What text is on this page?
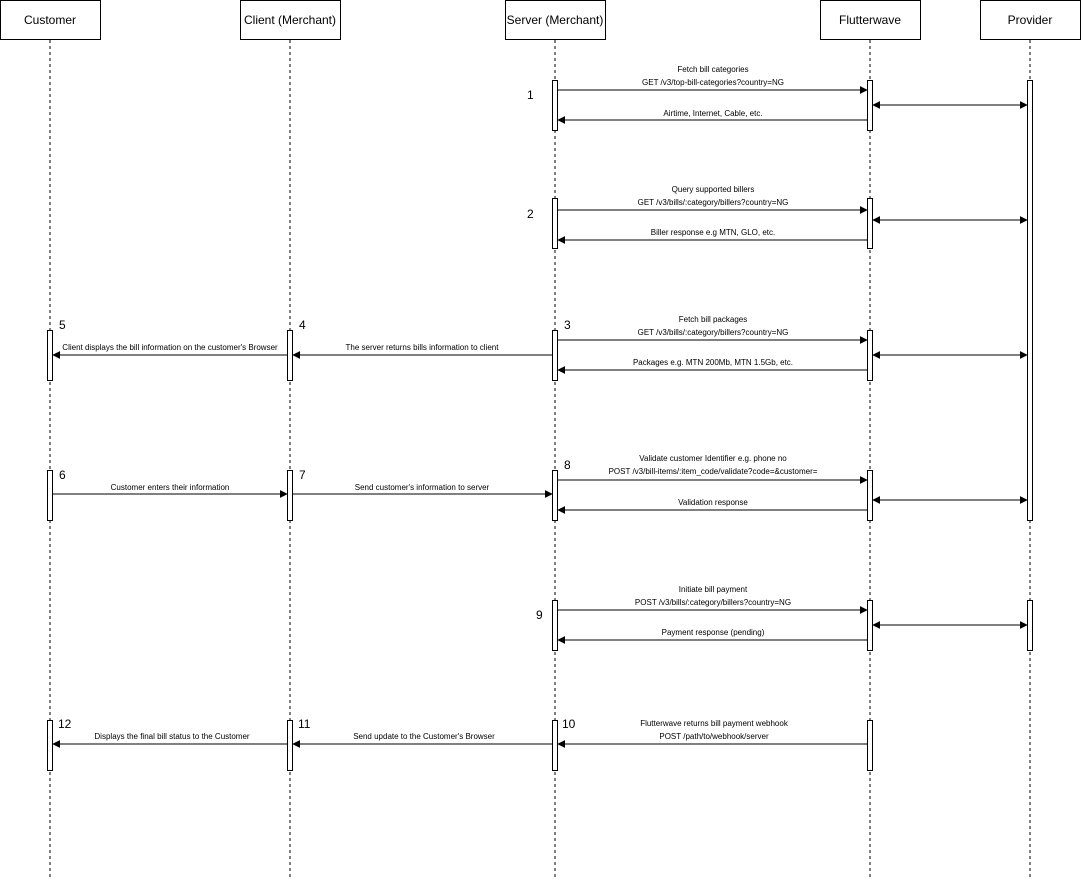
Customer	Client (Merchant)	Server (Merchant)	Flutterwave	Provider
1
Fetch bill categories
GET /v3/top-bill-categories?country=NG
Airtime, Internet, Cable, etc.
2
Query supported billers
GET /v3/bills/:category/billers?country=NG
Biller response e.g MTN, GLO, etc.
3	Fetch bill packages
GET /v3/bills/:category/billers?country=NG
Packages e.g. MTN 200Mb, MTN 1.5Gb, etc.
4
The server returns bills information to client
5
Client displays the bill information on the customer's Browser
6
Customer enters their information
7
Send customer's information to server
8	Validate customer Identifier e.g. phone no
POST /v3/bill-items/:item_code/validate?code=&customer=
Validation response
9
Initiate bill payment
POST /v3/bills/:category/billers?country=NG
Payment response (pending)
10	Flutterwave returns bill payment webhook
POST /path/to/webhook/server
11
Send update to the Customer's Browser
12
Displays the final bill status to the Customer
